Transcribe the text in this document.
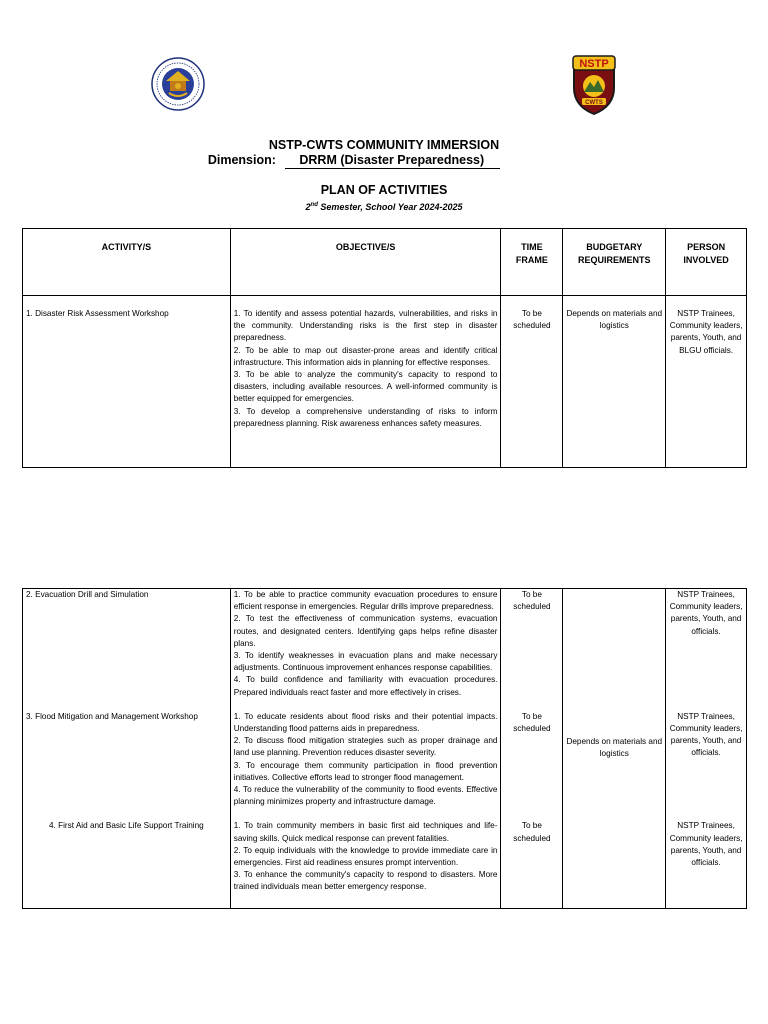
NSTP
CWTS
NSTP-CWTS COMMUNITY IMMERSION
Dimension: DRRM (Disaster Preparedness)
PLAN OF ACTIVITIES
2nd Semester, School Year 2024-2025
ACTIVITY/S	OBJECTIVE/S	TIME FRAME	BUDGETARY REQUIREMENTS	PERSON INVOLVED
1. Disaster Risk Assessment Workshop	1. To identify and assess potential hazards, vulnerabilities, and risks in the community. Understanding risks is the first step in disaster preparedness.

2. To be able to map out disaster-prone areas and identify critical infrastructure. This information aids in planning for effective responses.

3. To be able to analyze the community's capacity to respond to disasters, including available resources. A well-informed community is better equipped for emergencies.

3. To develop a comprehensive understanding of risks to inform preparedness planning. Risk awareness enhances safety measures.	To be scheduled	Depends on materials and logistics	NSTP Trainees, Community leaders, parents, Youth, and BLGU officials.
2. Evacuation Drill and Simulation	1. To be able to practice community evacuation procedures to ensure efficient response in emergencies. Regular drills improve preparedness.

2. To test the effectiveness of communication systems, evacuation routes, and designated centers. Identifying gaps helps refine disaster plans.

3. To identify weaknesses in evacuation plans and make necessary adjustments. Continuous improvement enhances response capabilities.

4. To build confidence and familiarity with evacuation procedures. Prepared individuals react faster and more effectively in crises.	To be scheduled	Depends on materials and logistics	NSTP Trainees, Community leaders, parents, Youth, and officials.
3. Flood Mitigation and Management Workshop	1. To educate residents about flood risks and their potential impacts. Understanding flood patterns aids in preparedness.

2. To discuss flood mitigation strategies such as proper drainage and land use planning. Prevention reduces disaster severity.

3. To encourage them community participation in flood prevention initiatives. Collective efforts lead to stronger flood management.

4. To reduce the vulnerability of the community to flood events. Effective planning minimizes property and infrastructure damage.	To be scheduled		NSTP Trainees, Community leaders, parents, Youth, and officials.
4. First Aid and Basic Life Support Training	1. To train community members in basic first aid techniques and life-saving skills. Quick medical response can prevent fatalities.

2. To equip individuals with the knowledge to provide immediate care in emergencies. First aid readiness ensures prompt intervention.

3. To enhance the community's capacity to respond to disasters. More trained individuals mean better emergency response.	To be scheduled		NSTP Trainees, Community leaders, parents, Youth, and officials.
